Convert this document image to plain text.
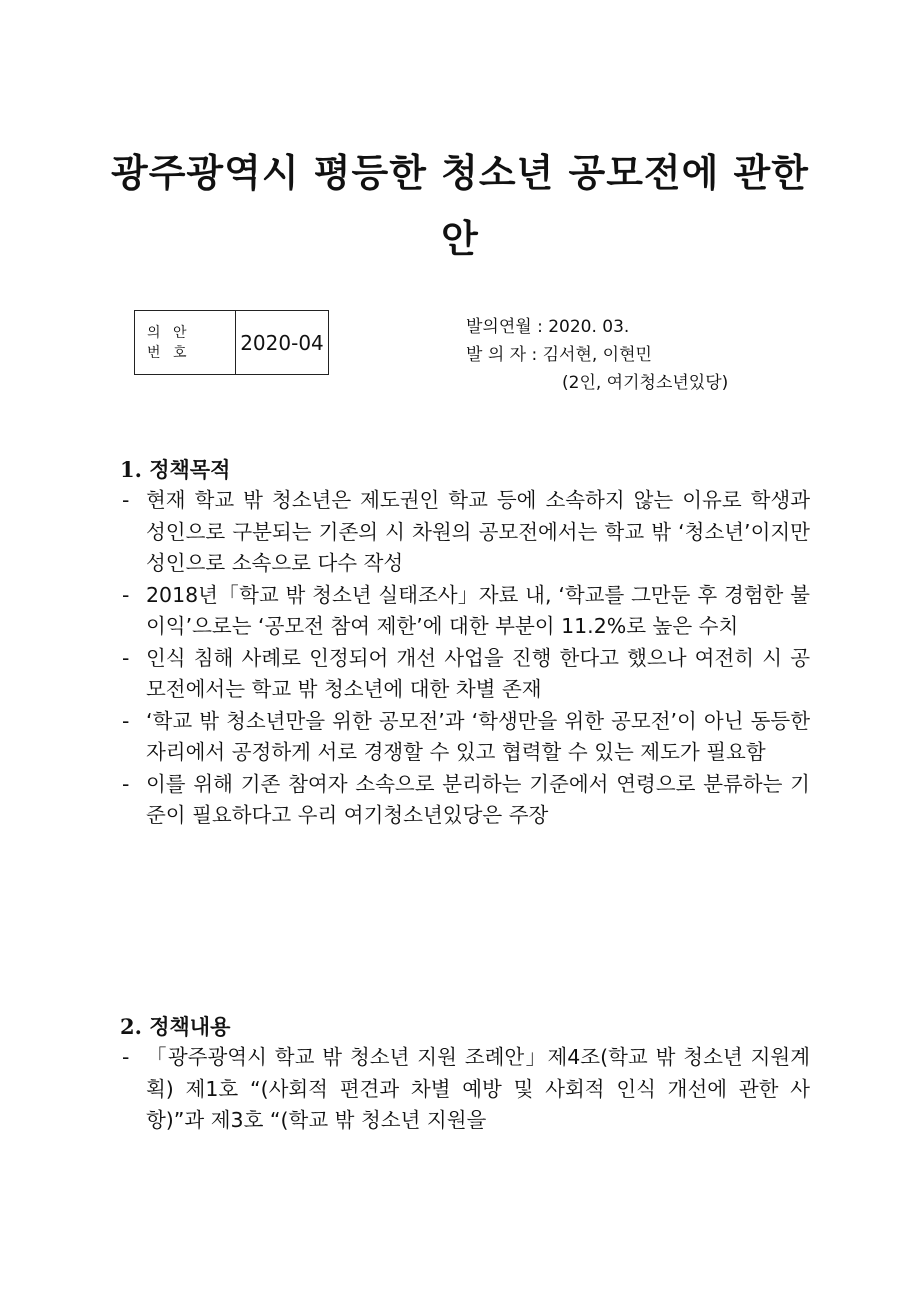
광주광역시 평등한 청소년 공모전에 관한
안
의 안
번 호	2020-04
발의연월 : 2020. 03.
발 의 자 : 김서현, 이현민
(2인, 여기청소년있당)
1. 정책목적
- 현재 학교 밖 청소년은 제도권인 학교 등에 소속하지 않는 이유로 학생과 성인으로 구분되는 기존의 시 차원의 공모전에서는 학교 밖 ‘청소년’이지만 성인으로 소속으로 다수 작성
- 2018년「학교 밖 청소년 실태조사」자료 내, ‘학교를 그만둔 후 경험한 불이익’으로는 ‘공모전 참여 제한’에 대한 부분이 11.2%로 높은 수치
- 인식 침해 사례로 인정되어 개선 사업을 진행 한다고 했으나 여전히 시 공모전에서는 학교 밖 청소년에 대한 차별 존재
- ‘학교 밖 청소년만을 위한 공모전’과 ‘학생만을 위한 공모전’이 아닌 동등한 자리에서 공정하게 서로 경쟁할 수 있고 협력할 수 있는 제도가 필요함
- 이를 위해 기존 참여자 소속으로 분리하는 기준에서 연령으로 분류하는 기준이 필요하다고 우리 여기청소년있당은 주장
2. 정책내용
- 「광주광역시 학교 밖 청소년 지원 조례안」제4조(학교 밖 청소년 지원계획) 제1호 “(사회적 편견과 차별 예방 및 사회적 인식 개선에 관한 사항)”과 제3호 “(학교 밖 청소년 지원을
